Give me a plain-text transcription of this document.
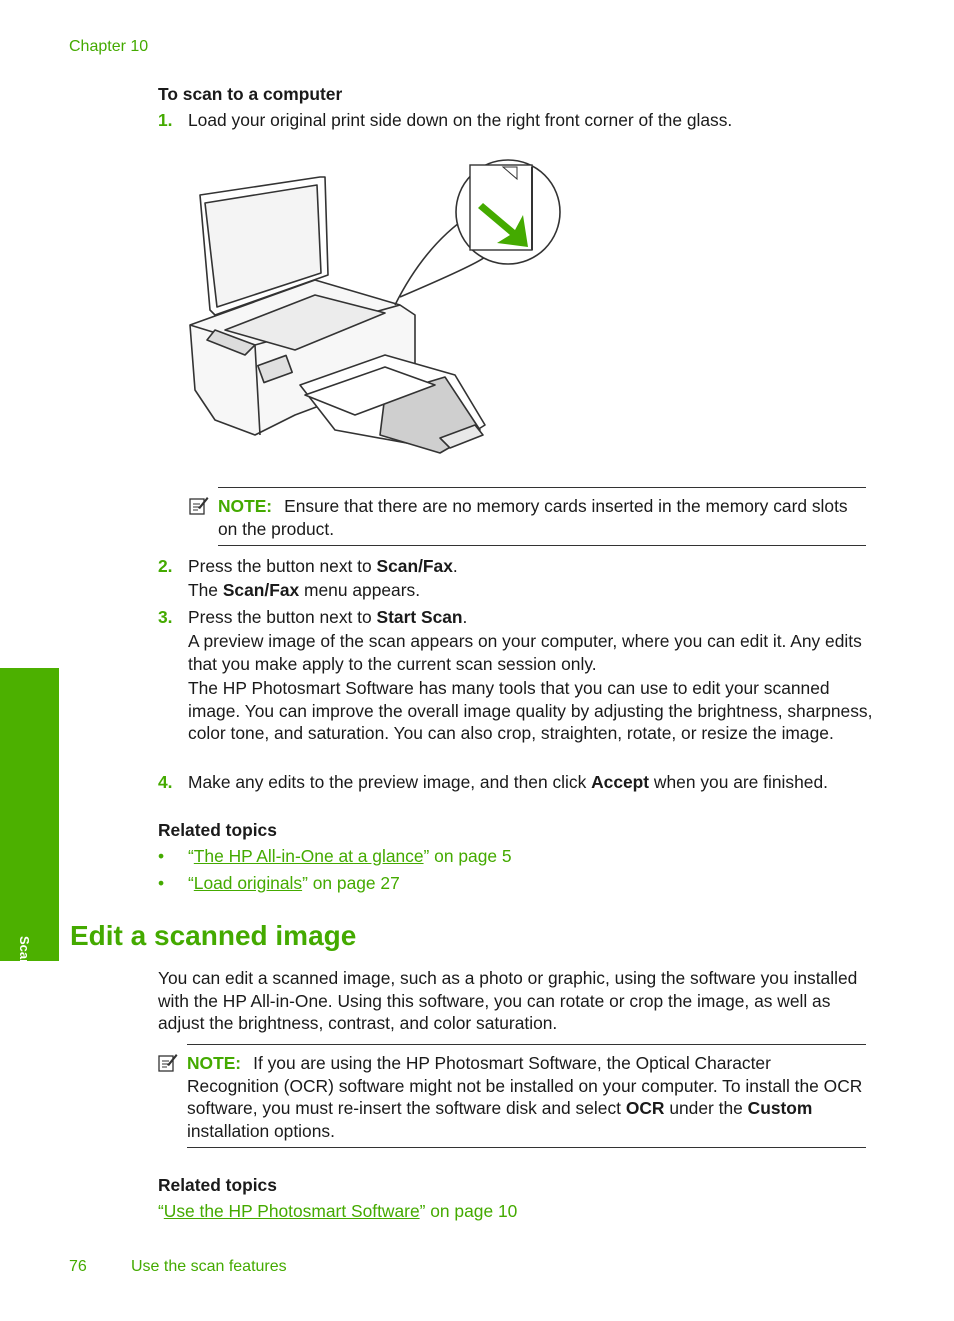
Chapter 10
To scan to a computer
1. Load your original print side down on the right front corner of the glass.
NOTE: Ensure that there are no memory cards inserted in the memory card slots on the product.
2. Press the button next to Scan/Fax.
The Scan/Fax menu appears.
3. Press the button next to Start Scan.
A preview image of the scan appears on your computer, where you can edit it. Any edits that you make apply to the current scan session only.
The HP Photosmart Software has many tools that you can use to edit your scanned image. You can improve the overall image quality by adjusting the brightness, sharpness, color tone, and saturation. You can also crop, straighten, rotate, or resize the image.
4. Make any edits to the preview image, and then click Accept when you are finished.
Related topics
• “The HP All-in-One at a glance” on page 5
• “Load originals” on page 27
Scan
Edit a scanned image
You can edit a scanned image, such as a photo or graphic, using the software you installed with the HP All-in-One. Using this software, you can rotate or crop the image, as well as adjust the brightness, contrast, and color saturation.
NOTE: If you are using the HP Photosmart Software, the Optical Character Recognition (OCR) software might not be installed on your computer. To install the OCR software, you must re-insert the software disk and select OCR under the Custom installation options.
Related topics
“Use the HP Photosmart Software” on page 10
76	Use the scan features
